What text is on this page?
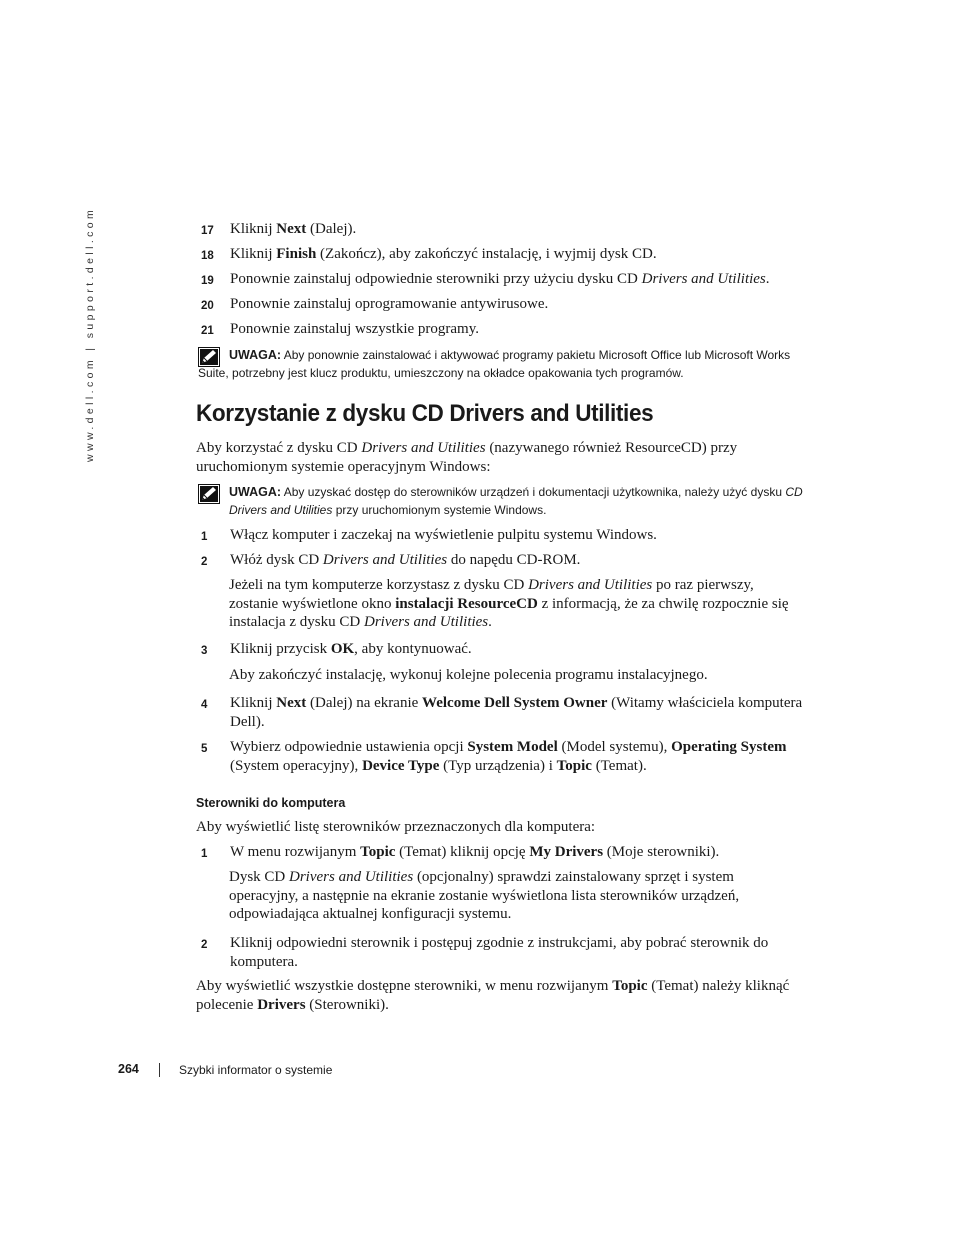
www.dell.com | support.dell.com	17 Kliknij Next (Dalej).
18 Kliknij Finish (Zakończ), aby zakończyć instalację, i wyjmij dysk CD.
19 Ponownie zainstaluj odpowiednie sterowniki przy użyciu dysku CD Drivers and Utilities.
20 Ponownie zainstaluj oprogramowanie antywirusowe.
21 Ponownie zainstaluj wszystkie programy.
UWAGA: Aby ponownie zainstalować i aktywować programy pakietu Microsoft Office lub Microsoft Works
Suite, potrzebny jest klucz produktu, umieszczony na okładce opakowania tych programów.
Korzystanie z dysku CD Drivers and Utilities
Aby korzystać z dysku CD Drivers and Utilities (nazywanego również ResourceCD) przy
uruchomionym systemie operacyjnym Windows:
UWAGA: Aby uzyskać dostęp do sterowników urządzeń i dokumentacji użytkownika, należy użyć dysku CD
Drivers and Utilities przy uruchomionym systemie Windows.
1 Włącz komputer i zaczekaj na wyświetlenie pulpitu systemu Windows.
2 Włóż dysk CD Drivers and Utilities do napędu CD-ROM.
Jeżeli na tym komputerze korzystasz z dysku CD Drivers and Utilities po raz pierwszy,
zostanie wyświetlone okno instalacji ResourceCD z informacją, że za chwilę rozpocznie się
instalacja z dysku CD Drivers and Utilities.
3 Kliknij przycisk OK, aby kontynuować.
Aby zakończyć instalację, wykonuj kolejne polecenia programu instalacyjnego.
4 Kliknij Next (Dalej) na ekranie Welcome Dell System Owner (Witamy właściciela komputera
Dell).
5 Wybierz odpowiednie ustawienia opcji System Model (Model systemu), Operating System
(System operacyjny), Device Type (Typ urządzenia) i Topic (Temat).
Sterowniki do komputera
Aby wyświetlić listę sterowników przeznaczonych dla komputera:
1 W menu rozwijanym Topic (Temat) kliknij opcję My Drivers (Moje sterowniki).
Dysk CD Drivers and Utilities (opcjonalny) sprawdzi zainstalowany sprzęt i system
operacyjny, a następnie na ekranie zostanie wyświetlona lista sterowników urządzeń,
odpowiadająca aktualnej konfiguracji systemu.
2 Kliknij odpowiedni sterownik i postępuj zgodnie z instrukcjami, aby pobrać sterownik do
komputera.
Aby wyświetlić wszystkie dostępne sterowniki, w menu rozwijanym Topic (Temat) należy kliknąć
polecenie Drivers (Sterowniki).
264	Szybki informator o systemie
